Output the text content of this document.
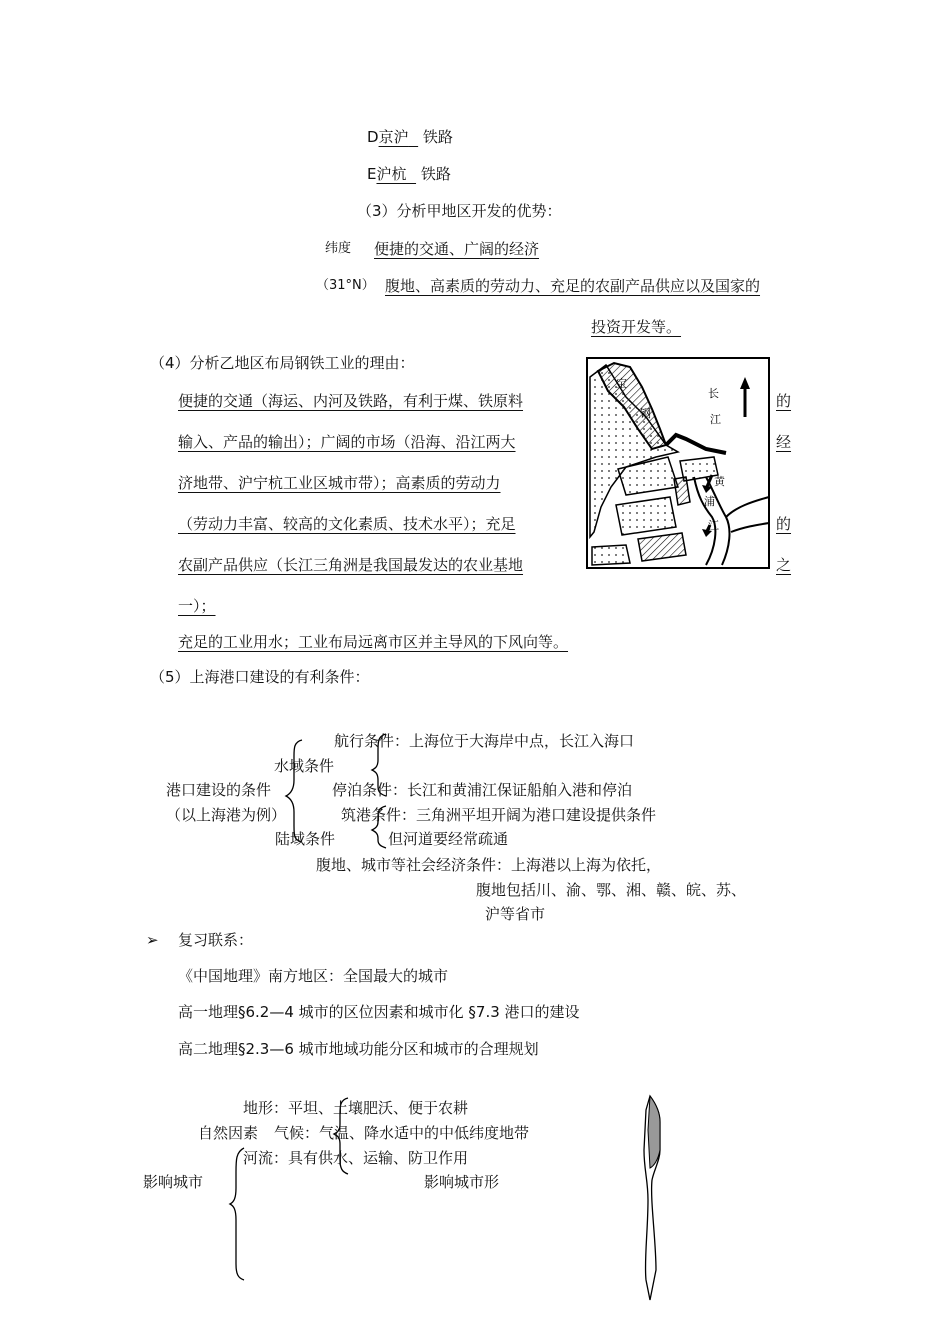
D京沪 铁路
E沪杭 铁路
（3）分析甲地区开发的优势：
纬度 便捷的交通、广阔的经济
（31°N） 腹地、高素质的劳动力、充足的农副产品供应以及国家的
投资开发等。
（4）分析乙地区布局钢铁工业的理由：
便捷的交通（海运、内河及铁路，有利于煤、铁原料
输入、产品的输出）；广阔的市场（沿海、沿江两大
济地带、沪宁杭工业区城市带）；高素质的劳动力
（劳动力丰富、较高的文化素质、技术水平）；充足
农副产品供应（长江三角洲是我国最发达的农业基地
一）；
充足的工业用水；工业布局远离市区并主导风的下风向等。
的
经
的
之
宝
钢
长
江
黄
浦
江
（5）上海港口建设的有利条件：
航行条件：上海位于大海岸中点，长江入海口
水域条件
港口建设的条件	停泊条件：长江和黄浦江保证船舶入港和停泊
（以上海港为例）	筑港条件：三角洲平坦开阔为港口建设提供条件
陆域条件	但河道要经常疏通
腹地、城市等社会经济条件：上海港以上海为依托，
腹地包括川、渝、鄂、湘、赣、皖、苏、
沪等省市
➢ 复习联系：
《中国地理》南方地区：全国最大的城市
高一地理§6.2—4 城市的区位因素和城市化 §7.3 港口的建设
高二地理§2.3—6 城市地域功能分区和城市的合理规划
地形：平坦、土壤肥沃、便于农耕
自然因素 气候：气温、降水适中的中低纬度地带
河流：具有供水、运输、防卫作用
影响城市	影响城市形
